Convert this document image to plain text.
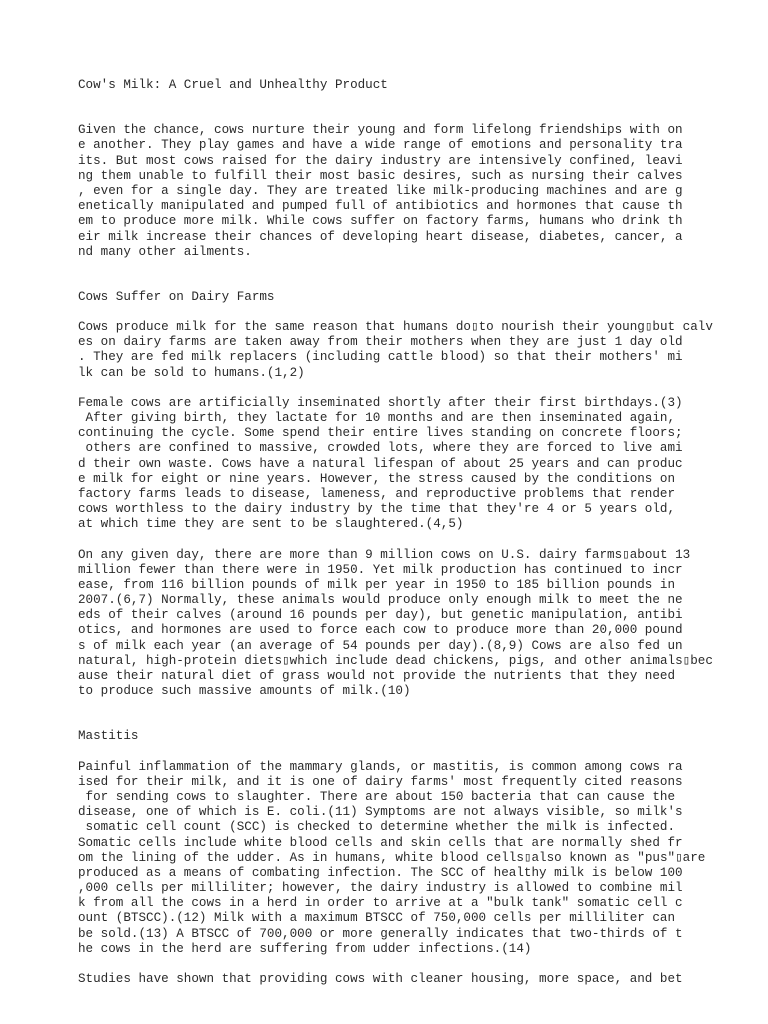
Cow's Milk: A Cruel and Unhealthy Product
Given the chance, cows nurture their young and form lifelong friendships with on
e another. They play games and have a wide range of emotions and personality tra
its. But most cows raised for the dairy industry are intensively confined, leavi
ng them unable to fulfill their most basic desires, such as nursing their calves
, even for a single day. They are treated like milk-producing machines and are g
enetically manipulated and pumped full of antibiotics and hormones that cause th
em to produce more milk. While cows suffer on factory farms, humans who drink th
eir milk increase their chances of developing heart disease, diabetes, cancer, a
nd many other ailments.
Cows Suffer on Dairy Farms
Cows produce milk for the same reason that humans do▯to nourish their young▯but calv
es on dairy farms are taken away from their mothers when they are just 1 day old
. They are fed milk replacers (including cattle blood) so that their mothers' mi
lk can be sold to humans.(1,2)
Female cows are artificially inseminated shortly after their first birthdays.(3)
After giving birth, they lactate for 10 months and are then inseminated again,
continuing the cycle. Some spend their entire lives standing on concrete floors;
others are confined to massive, crowded lots, where they are forced to live ami
d their own waste. Cows have a natural lifespan of about 25 years and can produc
e milk for eight or nine years. However, the stress caused by the conditions on
factory farms leads to disease, lameness, and reproductive problems that render
cows worthless to the dairy industry by the time that they're 4 or 5 years old,
at which time they are sent to be slaughtered.(4,5)
On any given day, there are more than 9 million cows on U.S. dairy farms▯about 13
million fewer than there were in 1950. Yet milk production has continued to incr
ease, from 116 billion pounds of milk per year in 1950 to 185 billion pounds in
2007.(6,7) Normally, these animals would produce only enough milk to meet the ne
eds of their calves (around 16 pounds per day), but genetic manipulation, antibi
otics, and hormones are used to force each cow to produce more than 20,000 pound
s of milk each year (an average of 54 pounds per day).(8,9) Cows are also fed un
natural, high-protein diets▯which include dead chickens, pigs, and other animals▯bec
ause their natural diet of grass would not provide the nutrients that they need
to produce such massive amounts of milk.(10)
Mastitis
Painful inflammation of the mammary glands, or mastitis, is common among cows ra
ised for their milk, and it is one of dairy farms' most frequently cited reasons
for sending cows to slaughter. There are about 150 bacteria that can cause the
disease, one of which is E. coli.(11) Symptoms are not always visible, so milk's
somatic cell count (SCC) is checked to determine whether the milk is infected.
Somatic cells include white blood cells and skin cells that are normally shed fr
om the lining of the udder. As in humans, white blood cells▯also known as "pus"▯are
produced as a means of combating infection. The SCC of healthy milk is below 100
,000 cells per milliliter; however, the dairy industry is allowed to combine mil
k from all the cows in a herd in order to arrive at a "bulk tank" somatic cell c
ount (BTSCC).(12) Milk with a maximum BTSCC of 750,000 cells per milliliter can
be sold.(13) A BTSCC of 700,000 or more generally indicates that two-thirds of t
he cows in the herd are suffering from udder infections.(14)
Studies have shown that providing cows with cleaner housing, more space, and bet
